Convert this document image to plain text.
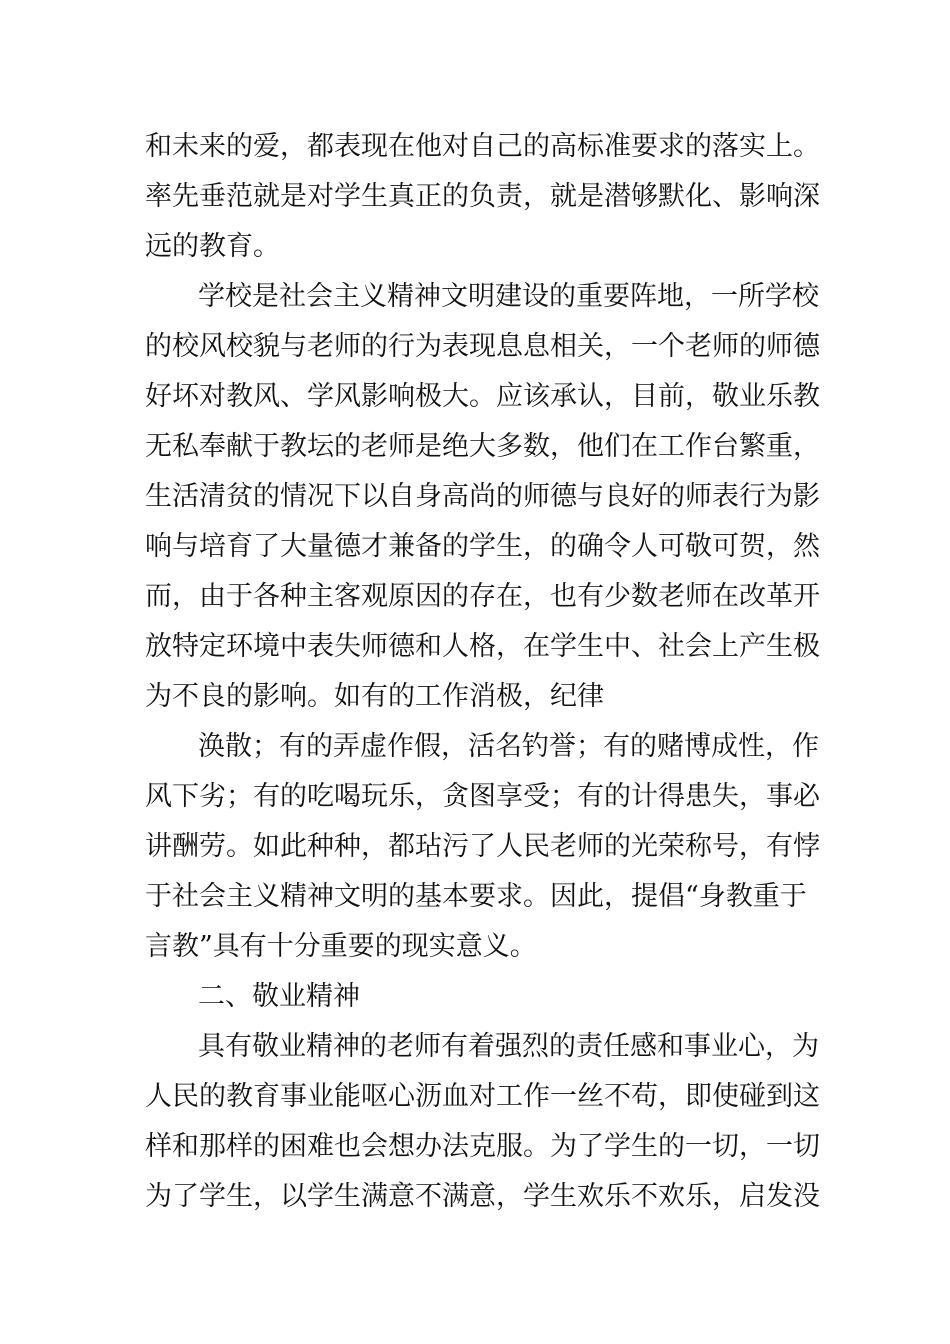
和未来的爱，都表现在他对自己的高标准要求的落实上。
率先垂范就是对学生真正的负责，就是潜够默化、影响深
远的教育。
学校是社会主义精神文明建设的重要阵地，一所学校
的校风校貌与老师的行为表现息息相关，一个老师的师德
好坏对教风、学风影响极大。应该承认，目前，敬业乐教
无私奉献于教坛的老师是绝大多数，他们在工作台繁重，
生活清贫的情况下以自身高尚的师德与良好的师表行为影
响与培育了大量德才兼备的学生，的确令人可敬可贺，然
而，由于各种主客观原因的存在，也有少数老师在改革开
放特定环境中表失师德和人格，在学生中、社会上产生极
为不良的影响。如有的工作消极，纪律
涣散；有的弄虚作假，活名钓誉；有的赌博成性，作
风下劣；有的吃喝玩乐，贪图享受；有的计得患失，事必
讲酬劳。如此种种，都玷污了人民老师的光荣称号，有悖
于社会主义精神文明的基本要求。因此，提倡“身教重于
言教”具有十分重要的现实意义。
二、敬业精神
具有敬业精神的老师有着强烈的责任感和事业心，为
人民的教育事业能呕心沥血对工作一丝不苟，即使碰到这
样和那样的困难也会想办法克服。为了学生的一切，一切
为了学生，以学生满意不满意，学生欢乐不欢乐，启发没
